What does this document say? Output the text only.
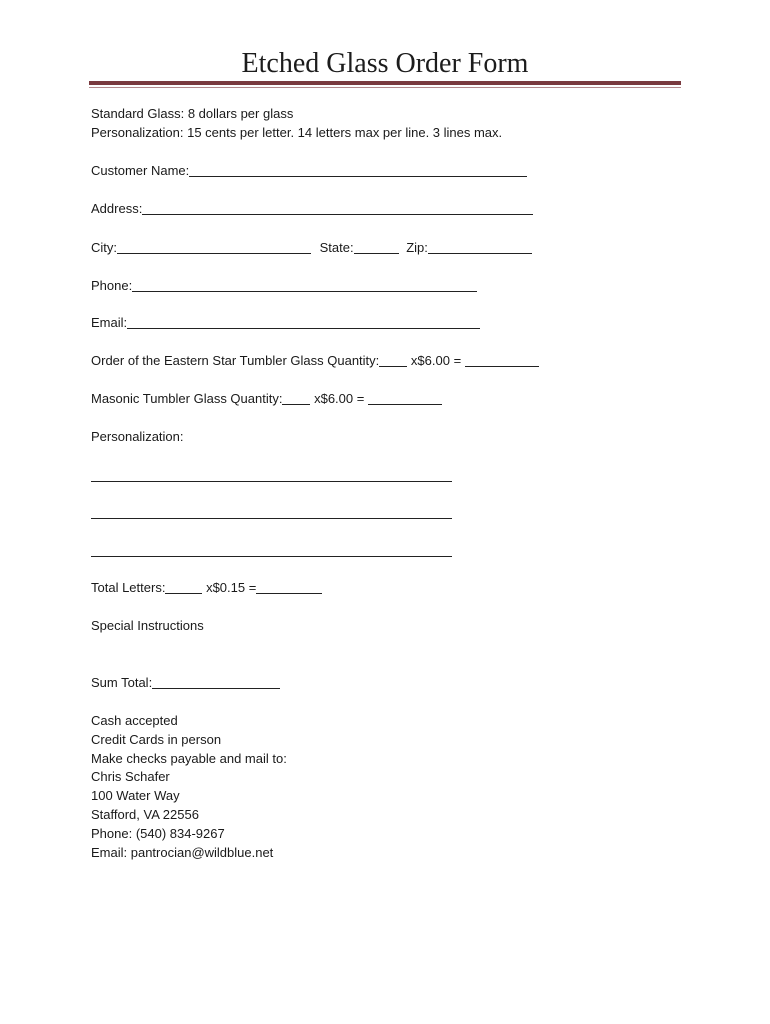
Etched Glass Order Form
Standard Glass: 8 dollars per glass
Personalization: 15 cents per letter. 14 letters max per line. 3 lines max.
Customer Name:
Address:
City:	State:	Zip:
Phone:
Email:
Order of the Eastern Star Tumbler Glass Quantity: x$6.00 =
Masonic Tumbler Glass Quantity: x$6.00 =
Personalization:
Total Letters:	x$0.15 =
Special Instructions
Sum Total:
Cash accepted
Credit Cards in person
Make checks payable and mail to:
Chris Schafer
100 Water Way
Stafford, VA 22556
Phone: (540) 834-9267
Email: pantrocian@wildblue.net
